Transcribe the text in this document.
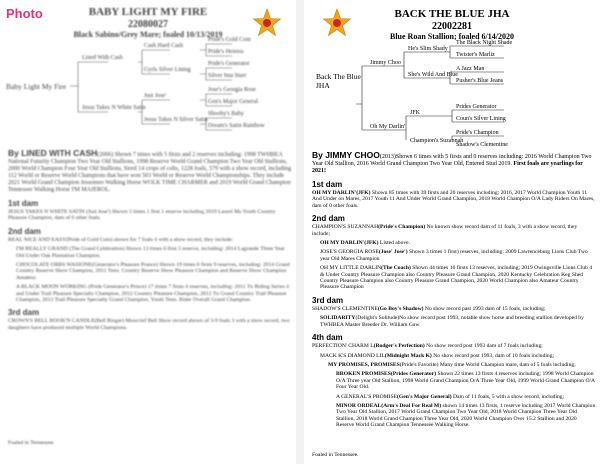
Photo	BABY LIGHT MY FIRE
22080027
Black Sabino/Grey Mare; foaled 10/13/2019
Baby Light My Fire
Lined With Cash
Jesus Takes N White Satin
Cash Hard Cash
Gyrls Silver Lining
Just Jose'
Jesus Takes N Silver Satin
Pride's Gold Coin
Pride's Heiress
Pride's Generator
Silver Ima Starr
Jose's Georgia Rose
Gen's Major General
Shooby's Baby
Dream's Satin Rainbow

By LINED WITH CASH(2006) Shown 7 times with 5 firsts and 2 reserves including: 1998 TWHBEA National Futurity Champion Two Year Old Stallions, 1998 Reserve World Grand Champion Two Year Old Stallions, 2000 World Champion Four Year Old Stallions, Sired 14 crops of colts, 1228 foals, 579 with a show record, including 112 World or Reserve World Champions that have won 503 World or Reserve World Championships. They include 2021 World Grand Champion Jessomeo Walking Horse WOLK TIME CHARMER and 2019 World Grand Champion Tennessee Walking Horse I'M MAJEROL.

1st dam

JESUS TAKES N WHITE SATIN (Just Jose') Shown 3 times 1 first 1 reserve including 2019 Laurel Ms Youth Country Pleasure Champion, dam of 6 other foals.

2nd dam

REAL NICE AND EASY(Pride of Gold Coin) shown for 7 foals 4 with a show record, they include:

I'M REALLY GRAND (The Grand Celebration) Shown 13 times 6 first 5 reserve, including: 2014 Lagrande Three Year Old Under Oak Plantation Champion.

CHOCOLATE ORBS WASIONE(Generator's Pleasure Prance) Shown 19 times 6 firsts 9 reserves, including: 2014 Grand Country Reserve Show Champion, 2011 Tenn. Country Reserve Show Pleasure Champion and Reserve Show Champion Amateur.

A BLACK MOON WORKING (Pride Generator's Prince) 17 times 7 firsts 4 reserves, including: 2011 Tn Riding Series 4 and Under Trail Pleasure Specialty Champion, 2012 Country Pleasure Champion, 2012 Tn Grand Country Trail Pleasure Champion, 2013 Trail Pleasure Specialty Grand Champion, Youth Tenn. Rider Overall Grand Champion.

3rd dam

CROWN'S BELL BOOK'N CANDLE(Bell Ringer) Moncrief Bell Show record shown of 3-9 foals 3 with a show record, two daughters have produced multiple World Champions.

Foaled in Tennessee.
BACK THE BLUE JHA
22002281
Blue Roan Stallion; foaled 6/14/2020
Back The Blue JHA
Jimmy Choo
Oh My Darlin'
He's Slim Shady
She's Wild And Blue
JFK
Champion's Suzannah
The Black Night Shade
Twister's Marliz
A Jazz Man
Pusher's Blue Jeans
Prides Generator
Coun's Silver Lining
Pride's Champion
Shadow's Clementine

By JIMMY CHOO(2013)Shown 6 times with 5 firsts and 0 reserves including: 2016 World Champion Two Year Old Stallion, 2016 World Grand Champion Two Year Old, Entered Stud 2019. First foals are yearlings for 2021!

1st dam

OH MY DARLIN'(JFK) Shown 85 times with 39 firsts and 20 reserves including; 2016, 2017 World Champion Youth 11 And Under on Mares, 2017 Youth 11 And Under World Grand Champion, 2018 World Champion O/A Lady Riders On Mares, dam of 0 other foals.

2nd dam

CHAMPION'S SUZANNAH(Pride's Champion) No known show record dam of 11 foals, 3 with a show record, they include;

OH MY DARLIN'(JFK) Listed above.

JOSE'S GEORGIA ROSE(Jose' Jose') Shown 3 times 1 first) reserves, including: 2009 Lawrenceburg Lions Club Two year Old Mares Champion

OH MY LITTLE DARLIN(The Coach) Shown 44 times 16 firsts 13 reserves, including; 2019 Owingsville Lions Club 4 & Under Country Pleasure Champion also Country Pleasure Grand Champion, 2020 Kentucky Celebration Keg Shed Country Pleasure Champion also Country Pleasure Grand Champion, 2020 World Champion also Amateur Country Pleasure Champion

3rd dam

SHADOW'S CLEMENTINE(Go Boy's Shadow) No show record past 1993 dam of 15 foals, including;

SOLIDARITY(Delight's Solitude)No show record post 1993, notable show horse and breeding stallion developed by TWHBEA Master Breeder Dr. William Gaw

4th dam

PERFECTION' CHARM L(Rodger's Perfection) No show record post 1993 dam of 7 foals including;

MACK K'S DIAMOND LIL(Midnight Mack K) No show record post 1993, dam of 10 foals including;

MY PROMISES, PROMISES(Pride's Favorite) Many time World Champion mare, dam of 5 foals including;

BROKEN PROMISES(Prides Generator) Shown 22 times 13 firsts 4 reserves including; 1998 World Champion O/A Three year Old Stallion, 1998 World Grand Champion O/A Three Year Old, 1999 World Grand Champion O/A Four Year Old.

A GENERAL'S PROMISE(Gen's Major General) Dam of 11 foals, 5 with a show record, including;

MINOR ORDEAL(Arm's Deal For Real M) shown 14 times 13 firsts, 1 reserve including 2017 World Champion Two Year Old Stallion, 2017 World Grand Champion Two Year Old, 2018 World Champion Three Year Old Stallion, 2018 World Grand Champion Three Year Old, 2020 World Champion Over 15.2 Stallion and 2020 Reserve World Grand Champion Tennessee Walking Horse.

Foaled in Tennessee.
